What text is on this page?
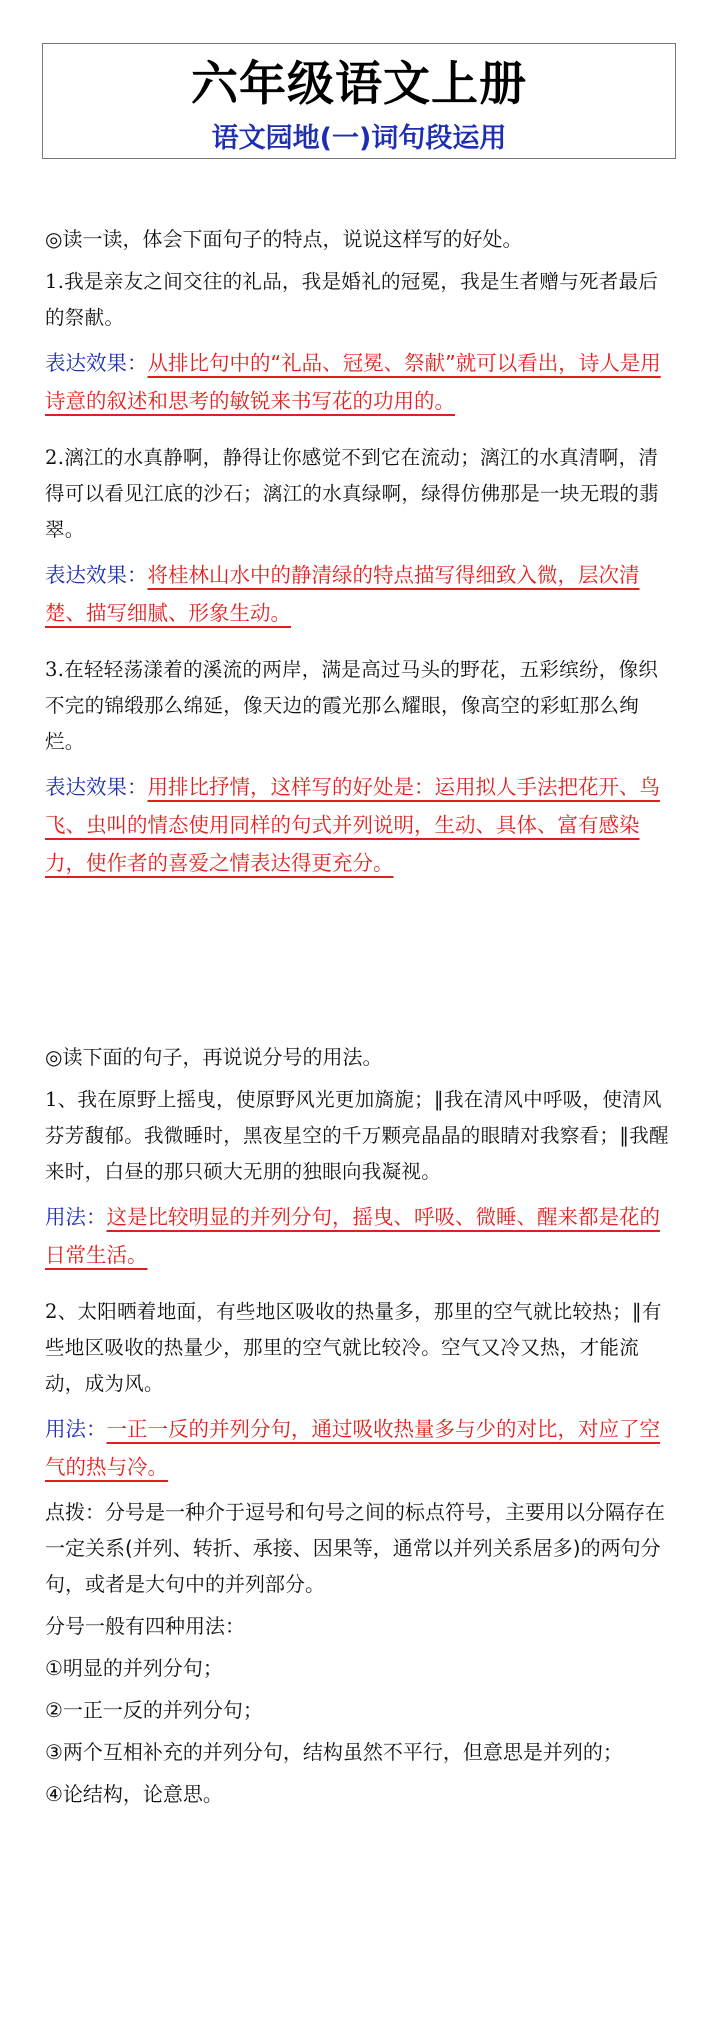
六年级语文上册
语文园地(一)词句段运用

◎读一读，体会下面句子的特点，说说这样写的好处。

1.我是亲友之间交往的礼品，我是婚礼的冠冕，我是生者赠与死者最后的祭献。

表达效果：从排比句中的“礼品、冠冕、祭献”就可以看出，诗人是用诗意的叙述和思考的敏锐来书写花的功用的。

2.漓江的水真静啊，静得让你感觉不到它在流动；漓江的水真清啊，清得可以看见江底的沙石；漓江的水真绿啊，绿得仿佛那是一块无瑕的翡翠。

表达效果：将桂林山水中的静清绿的特点描写得细致入微，层次清楚、描写细腻、形象生动。

3.在轻轻荡漾着的溪流的两岸，满是高过马头的野花，五彩缤纷，像织不完的锦缎那么绵延，像天边的霞光那么耀眼，像高空的彩虹那么绚烂。

表达效果：用排比抒情，这样写的好处是：运用拟人手法把花开、鸟飞、虫叫的情态使用同样的句式并列说明，生动、具体、富有感染力，使作者的喜爱之情表达得更充分。

◎读下面的句子，再说说分号的用法。

1、我在原野上摇曳，使原野风光更加旖旎；‖我在清风中呼吸，使清风芬芳馥郁。我微睡时，黑夜星空的千万颗亮晶晶的眼睛对我察看；‖我醒来时，白昼的那只硕大无朋的独眼向我凝视。

用法：这是比较明显的并列分句，摇曳、呼吸、微睡、醒来都是花的日常生活。

2、太阳晒着地面，有些地区吸收的热量多，那里的空气就比较热；‖有些地区吸收的热量少，那里的空气就比较冷。空气又冷又热，才能流动，成为风。

用法：一正一反的并列分句，通过吸收热量多与少的对比，对应了空气的热与冷。

点拨：分号是一种介于逗号和句号之间的标点符号，主要用以分隔存在一定关系(并列、转折、承接、因果等，通常以并列关系居多)的两句分句，或者是大句中的并列部分。

分号一般有四种用法：

①明显的并列分句；

②一正一反的并列分句；

③两个互相补充的并列分句，结构虽然不平行，但意思是并列的；

④论结构，论意思。
